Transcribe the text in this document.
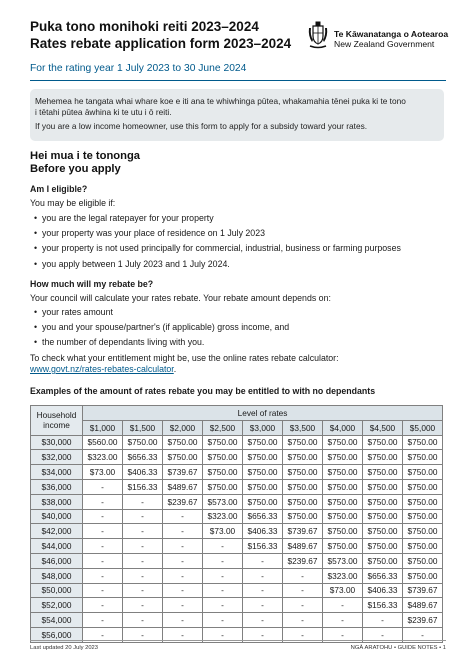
Puka tono monihoki reiti 2023–2024
Rates rebate application form 2023–2024
Te Kāwanatanga o Aotearoa
New Zealand Government
For the rating year 1 July 2023 to 30 June 2024

Mehemea he tangata whai whare koe e iti ana te whiwhinga pūtea, whakamahia tēnei puka ki te tono

i tētahi pūtea āwhina ki te utu i ō reiti.

If you are a low income homeowner, use this form to apply for a subsidy toward your rates.

Hei mua i te tononga
Before you apply
Am I eligible?
You may be eligible if:
• you are the legal ratepayer for your property
• your property was your place of residence on 1 July 2023
• your property is not used principally for commercial, industrial, business or farming purposes
• you apply between 1 July 2023 and 1 July 2024.
How much will my rebate be?
Your council will calculate your rates rebate. Your rebate amount depends on:
• your rates amount
• you and your spouse/partner's (if applicable) gross income, and
• the number of dependants living with you.
To check what your entitlement might be, use the online rates rebate calculator:
www.govt.nz/rates-rebates-calculator.
Examples of the amount of rates rebate you may be entitled to with no dependants
Household
income	Level of rates								
	$1,000	$1,500	$2,000	$2,500	$3,000	$3,500	$4,000	$4,500	$5,000
$30,000	$560.00	$750.00	$750.00	$750.00	$750.00	$750.00	$750.00	$750.00	$750.00
$32,000	$323.00	$656.33	$750.00	$750.00	$750.00	$750.00	$750.00	$750.00	$750.00
$34,000	$73.00	$406.33	$739.67	$750.00	$750.00	$750.00	$750.00	$750.00	$750.00
$36,000	-	$156.33	$489.67	$750.00	$750.00	$750.00	$750.00	$750.00	$750.00
$38,000	-	-	$239.67	$573.00	$750.00	$750.00	$750.00	$750.00	$750.00
$40,000	-	-	-	$323.00	$656.33	$750.00	$750.00	$750.00	$750.00
$42,000	-	-	-	$73.00	$406.33	$739.67	$750.00	$750.00	$750.00
$44,000	-	-	-	-	$156.33	$489.67	$750.00	$750.00	$750.00
$46,000	-	-	-	-	-	$239.67	$573.00	$750.00	$750.00
$48,000	-	-	-	-	-	-	$323.00	$656.33	$750.00
$50,000	-	-	-	-	-	-	$73.00	$406.33	$739.67
$52,000	-	-	-	-	-	-	-	$156.33	$489.67
$54,000	-	-	-	-	-	-	-	-	$239.67
$56,000	-	-	-	-	-	-	-	-	-
Last updated 20 July 2023	NGĀ ARATOHU • GUIDE NOTES • 1
